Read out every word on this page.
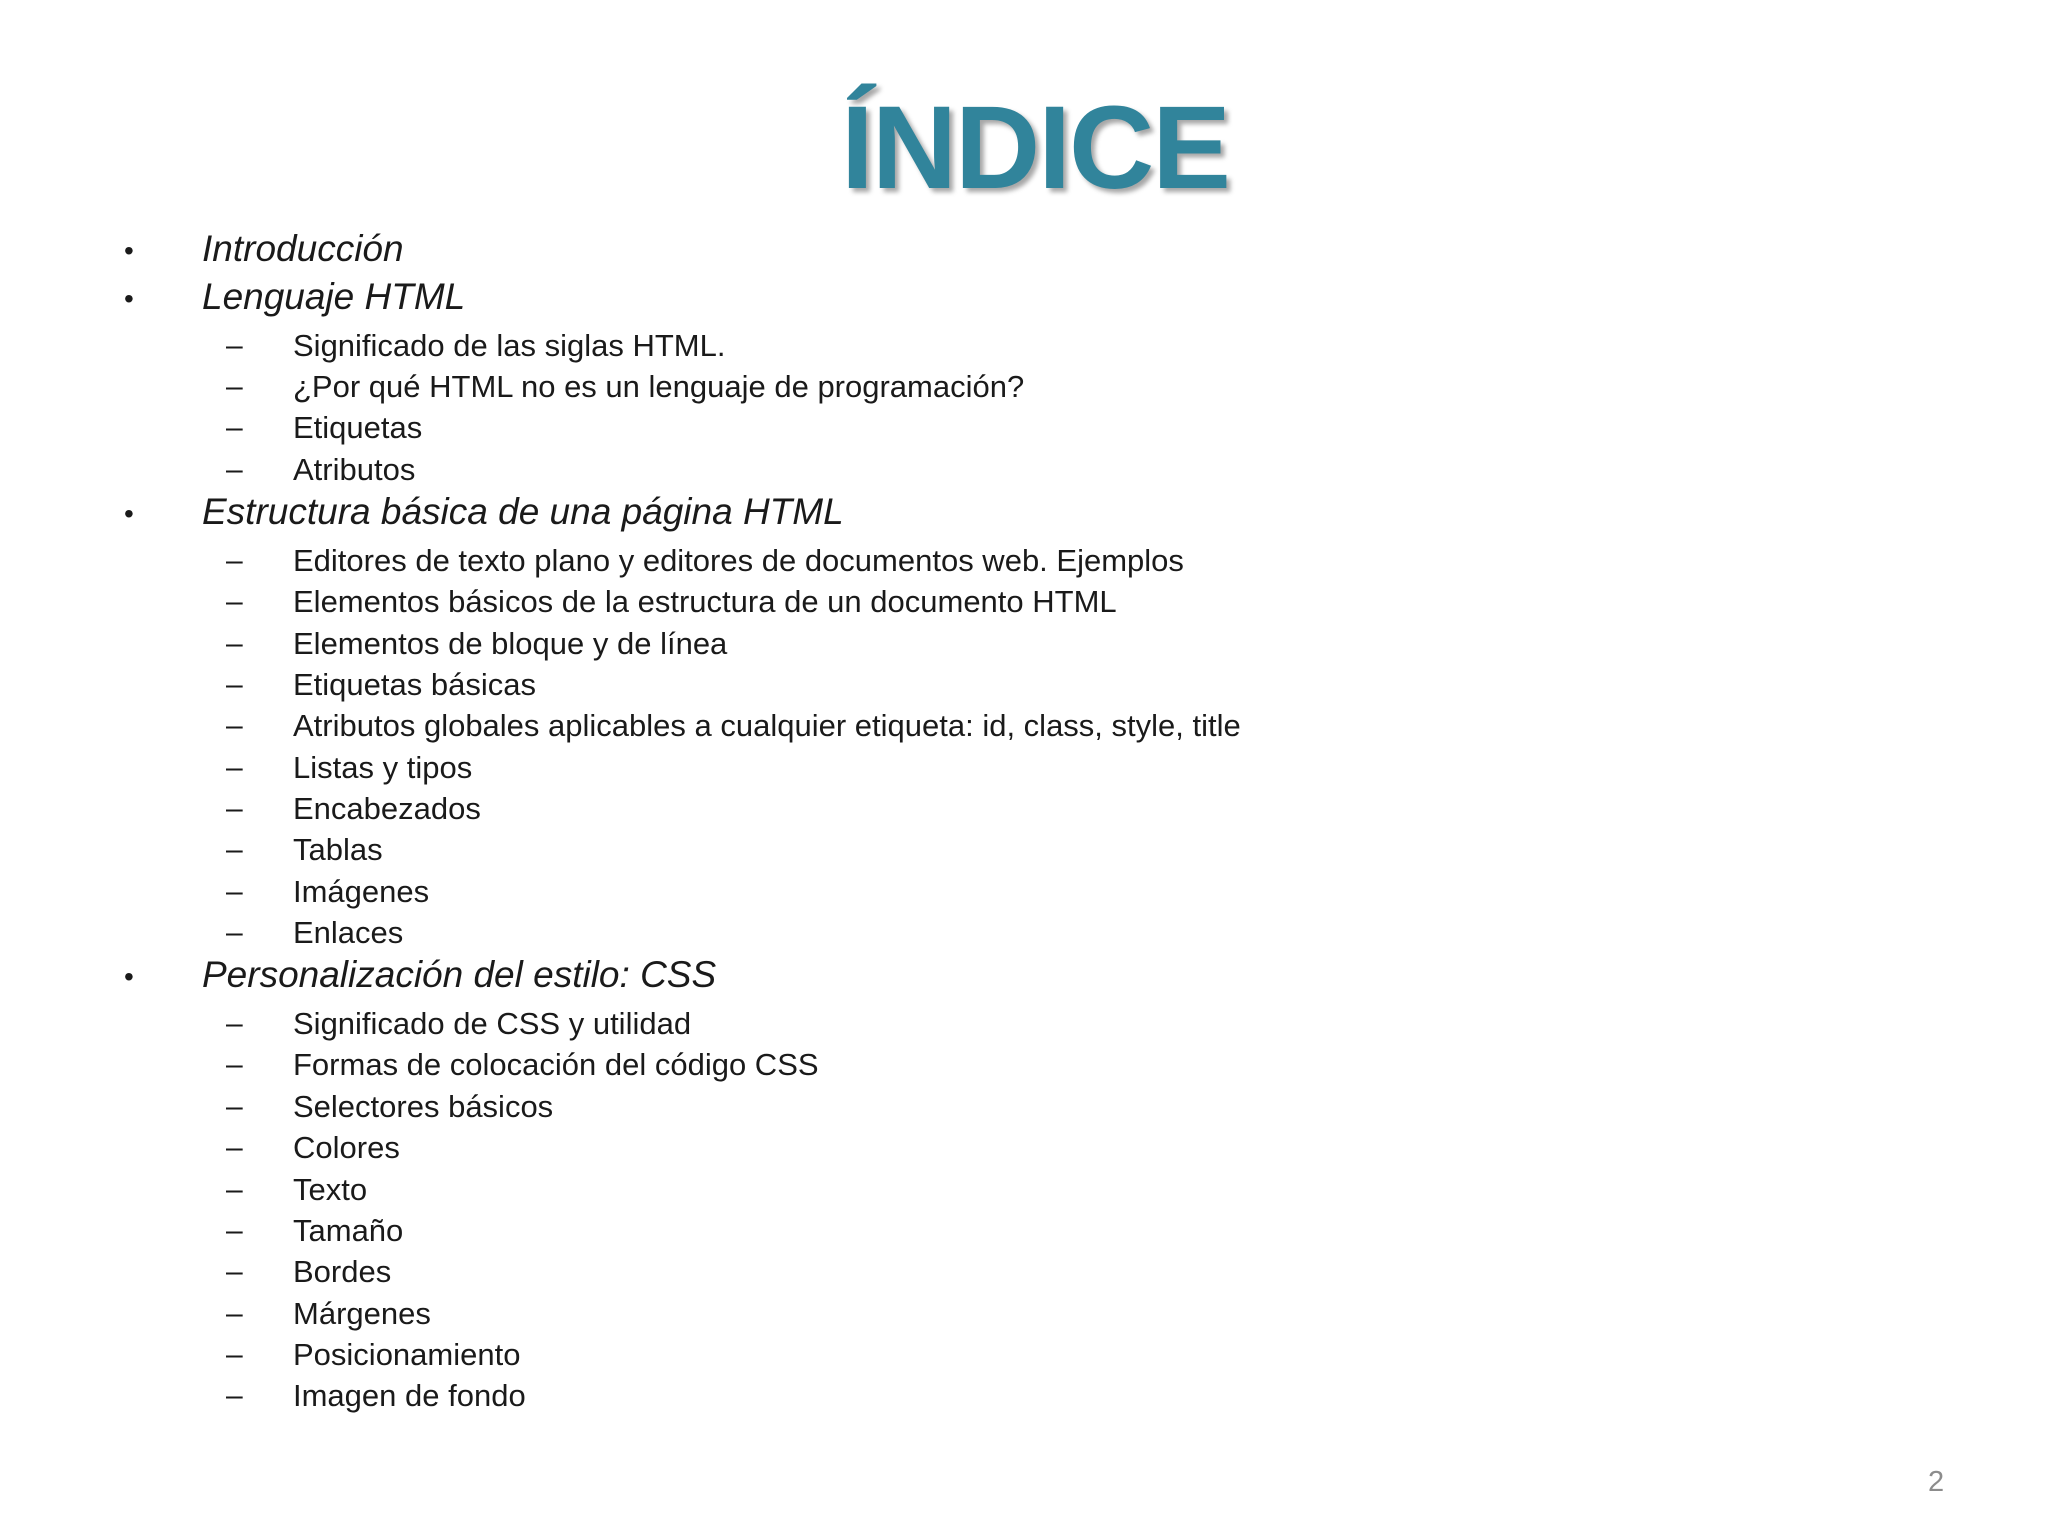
ÍNDICE
• Introducción
• Lenguaje HTML
– Significado de las siglas HTML.
– ¿Por qué HTML no es un lenguaje de programación?
– Etiquetas
– Atributos
• Estructura básica de una página HTML
– Editores de texto plano y editores de documentos web. Ejemplos
– Elementos básicos de la estructura de un documento HTML
– Elementos de bloque y de línea
– Etiquetas básicas
– Atributos globales aplicables a cualquier etiqueta: id, class, style, title
– Listas y tipos
– Encabezados
– Tablas
– Imágenes
– Enlaces
• Personalización del estilo: CSS
– Significado de CSS y utilidad
– Formas de colocación del código CSS
– Selectores básicos
– Colores
– Texto
– Tamaño
– Bordes
– Márgenes
– Posicionamiento
– Imagen de fondo
2
